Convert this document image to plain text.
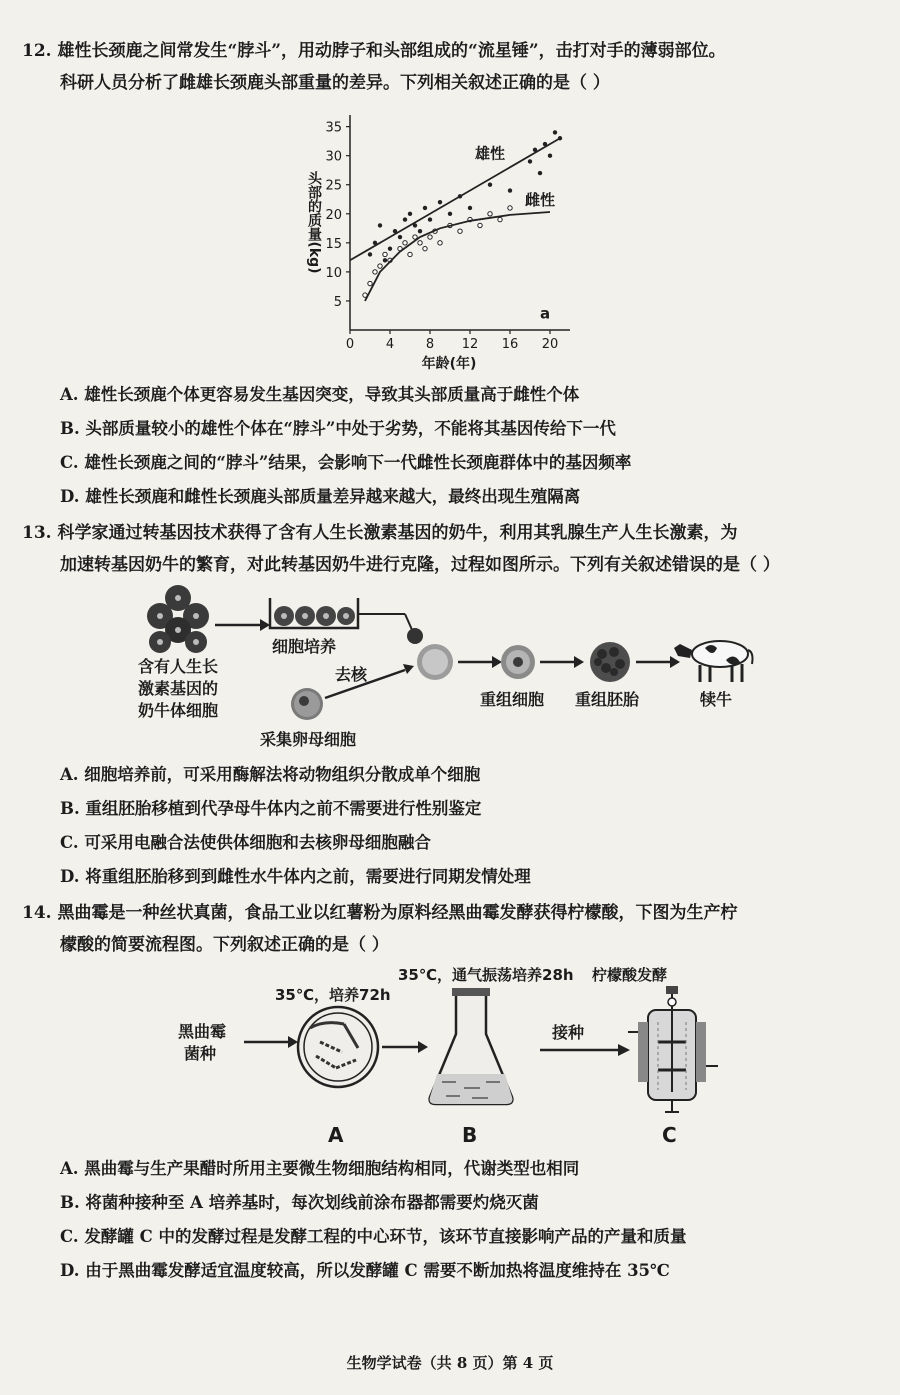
12. 雄性长颈鹿之间常发生“脖斗”，用动脖子和头部组成的“流星锤”，击打对手的薄弱部位。
科研人员分析了雌雄长颈鹿头部重量的差异。下列相关叙述正确的是（ ）
5
10
15
20
25
30
35
0 4 8 12 16 20
年龄(年)
头部的质量(kg)
雄性
雌性
a
A. 雄性长颈鹿个体更容易发生基因突变，导致其头部质量高于雌性个体
B. 头部质量较小的雄性个体在“脖斗”中处于劣势，不能将其基因传给下一代
C. 雄性长颈鹿之间的“脖斗”结果，会影响下一代雌性长颈鹿群体中的基因频率
D. 雄性长颈鹿和雌性长颈鹿头部质量差异越来越大，最终出现生殖隔离
13. 科学家通过转基因技术获得了含有人生长激素基因的奶牛，利用其乳腺生产人生长激素，为
加速转基因奶牛的繁育，对此转基因奶牛进行克隆，过程如图所示。下列有关叙述错误的是（ ）
细胞培养
去核
含有人生长
激素基因的
奶牛体细胞
采集卵母细胞
重组细胞 重组胚胎	犊牛
A. 细胞培养前，可采用酶解法将动物组织分散成单个细胞
B. 重组胚胎移植到代孕母牛体内之前不需要进行性别鉴定
C. 可采用电融合法使供体细胞和去核卵母细胞融合
D. 将重组胚胎移到到雌性水牛体内之前，需要进行同期发情处理
14. 黑曲霉是一种丝状真菌，食品工业以红薯粉为原料经黑曲霉发酵获得柠檬酸，下图为生产柠
檬酸的简要流程图。下列叙述正确的是（ ）
35℃，培养72h
35℃，通气振荡培养28h 柠檬酸发酵
黑曲霉
菌种
A	B
接种
C
A. 黑曲霉与生产果醋时所用主要微生物细胞结构相同，代谢类型也相同
B. 将菌种接种至 A 培养基时，每次划线前涂布器都需要灼烧灭菌
C. 发酵罐 C 中的发酵过程是发酵工程的中心环节，该环节直接影响产品的产量和质量
D. 由于黑曲霉发酵适宜温度较高，所以发酵罐 C 需要不断加热将温度维持在 35℃
生物学试卷（共 8 页）第 4 页
